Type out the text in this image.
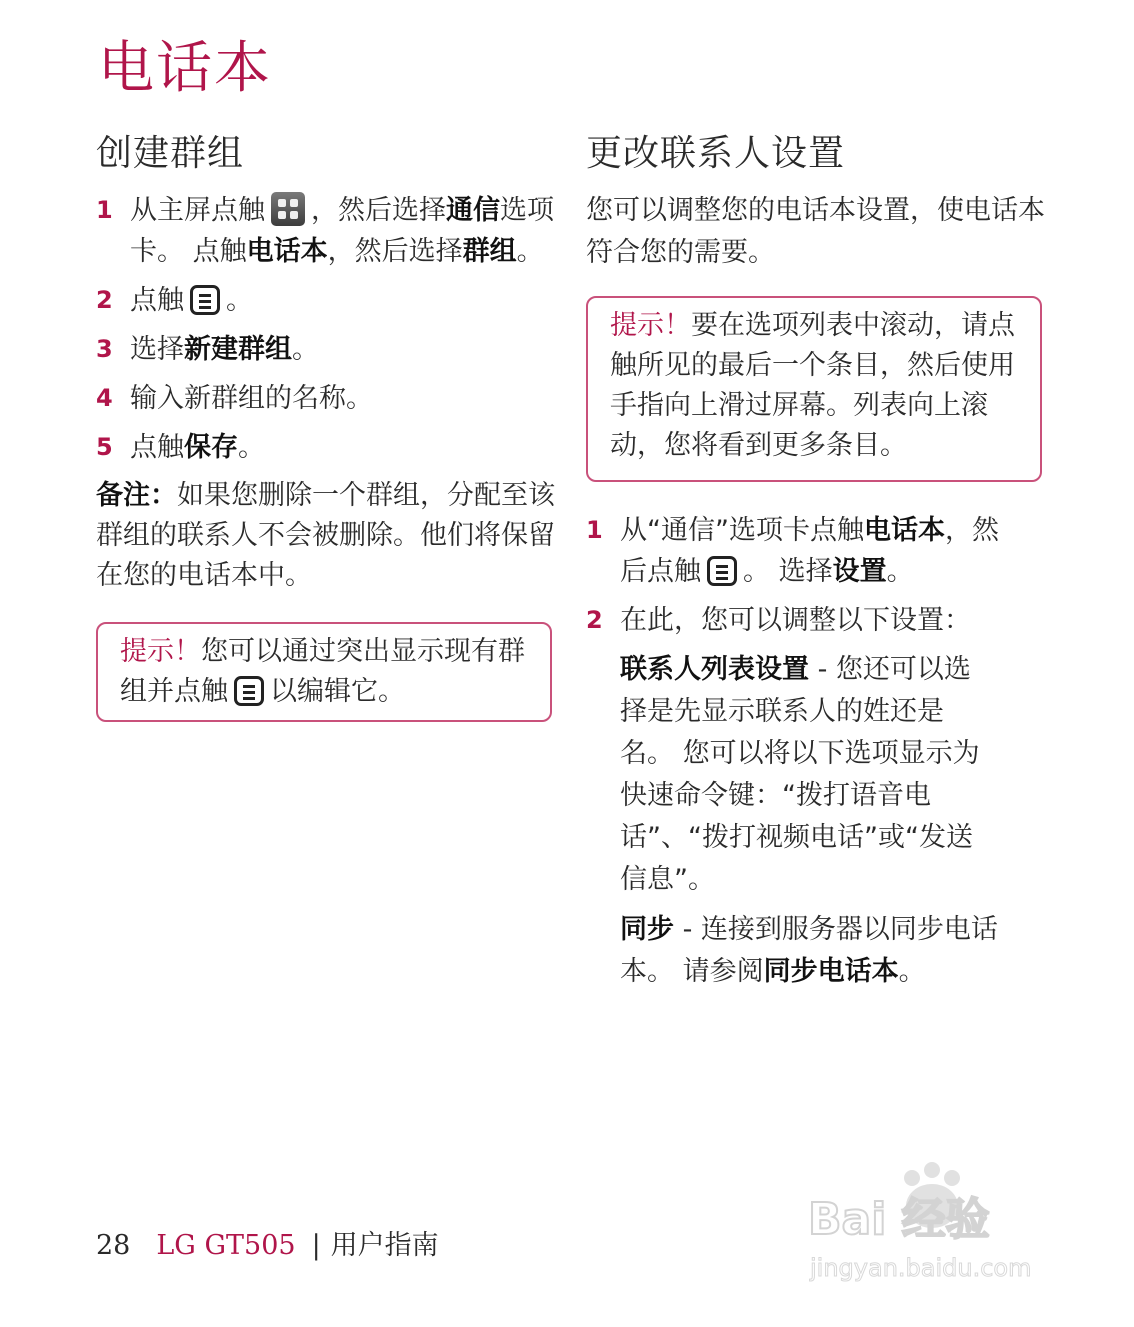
电话本
创建群组
1 从主屏点触 ，然后选择通信选项卡。 点触电话本，然后选择群组。
2 点触 。
3 选择新建群组。
4 输入新群组的名称。
5 点触保存。
备注：如果您删除一个群组，分配至该群组的联系人不会被删除。他们将保留在您的电话本中。
提示！您可以通过突出显示现有群组并点触 以编辑它。
更改联系人设置
您可以调整您的电话本设置，使电话本符合您的需要。
提示！要在选项列表中滚动，请点触所见的最后一个条目，然后使用手指向上滑过屏幕。列表向上滚动，您将看到更多条目。
1 从“通信”选项卡点触电话本，然后点触 。 选择设置。
2 在此，您可以调整以下设置：
联系人列表设置 - 您还可以选择是先显示联系人的姓还是名。 您可以将以下选项显示为快速命令键：“拨打语音电话”、“拨打视频电话”或“发送信息”。
同步 - 连接到服务器以同步电话本。 请参阅同步电话本。
28 LG GT505 | 用户指南
Bai 经验
jingyan.baidu.com
